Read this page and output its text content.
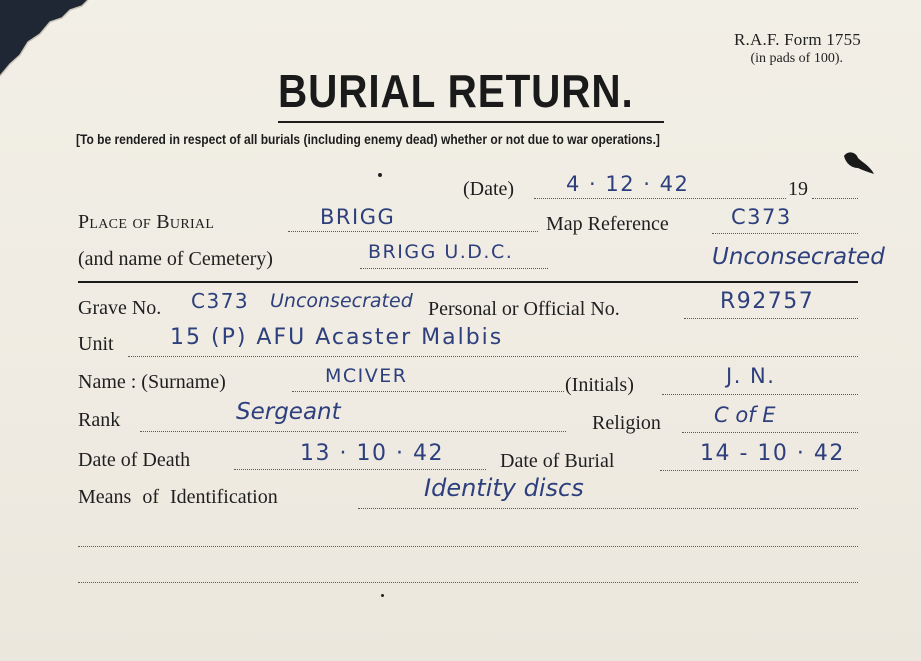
R.A.F. Form 1755
(in pads of 100).
BURIAL RETURN.
[To be rendered in respect of all burials (including enemy dead) whether or not due to war operations.]
(Date) 4 · 12 · 42	19
Place of Burial	BRIGG	Map Reference	C373
(and name of Cemetery)	BRIGG U.D.C.	Unconsecrated
Grave No. C373 Unconsecrated Personal or Official No.	R92757
Unit	15 (P) AFU Acaster Malbis
Name : (Surname)	MCIVER	(Initials)	J. N.
Rank	Sergeant	Religion	C of E
Date of Death	13 · 10 · 42	Date of Burial	14 - 10 · 42
Means of Identification	Identity discs
